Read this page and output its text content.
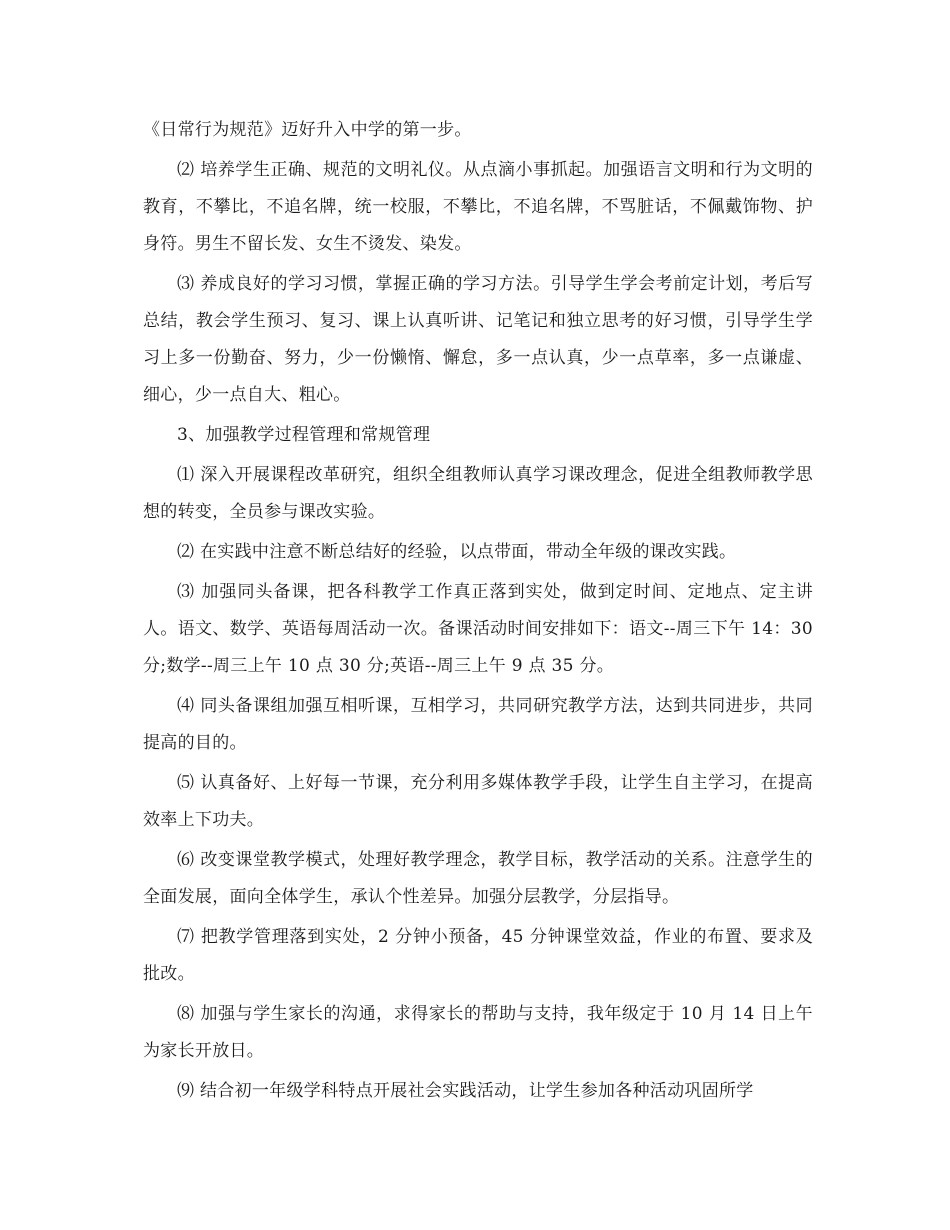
《日常行为规范》迈好升入中学的第一步。

⑵ 培养学生正确、规范的文明礼仪。从点滴小事抓起。加强语言文明和行为文明的教育，不攀比，不追名牌，统一校服，不攀比，不追名牌，不骂脏话，不佩戴饰物、护身符。男生不留长发、女生不烫发、染发。

⑶ 养成良好的学习习惯，掌握正确的学习方法。引导学生学会考前定计划，考后写总结，教会学生预习、复习、课上认真听讲、记笔记和独立思考的好习惯，引导学生学习上多一份勤奋、努力，少一份懒惰、懈怠，多一点认真，少一点草率，多一点谦虚、细心，少一点自大、粗心。

3、加强教学过程管理和常规管理

⑴ 深入开展课程改革研究，组织全组教师认真学习课改理念，促进全组教师教学思想的转变，全员参与课改实验。

⑵ 在实践中注意不断总结好的经验，以点带面，带动全年级的课改实践。

⑶ 加强同头备课，把各科教学工作真正落到实处，做到定时间、定地点、定主讲人。语文、数学、英语每周活动一次。备课活动时间安排如下：语文--周三下午 14：30 分;数学--周三上午 10 点 30 分;英语--周三上午 9 点 35 分。

⑷ 同头备课组加强互相听课，互相学习，共同研究教学方法，达到共同进步，共同提高的目的。

⑸ 认真备好、上好每一节课，充分利用多媒体教学手段，让学生自主学习，在提高效率上下功夫。

⑹ 改变课堂教学模式，处理好教学理念，教学目标，教学活动的关系。注意学生的全面发展，面向全体学生，承认个性差异。加强分层教学，分层指导。

⑺ 把教学管理落到实处，2 分钟小预备，45 分钟课堂效益，作业的布置、要求及批改。

⑻ 加强与学生家长的沟通，求得家长的帮助与支持，我年级定于 10 月 14 日上午为家长开放日。

⑼ 结合初一年级学科特点开展社会实践活动，让学生参加各种活动巩固所学
